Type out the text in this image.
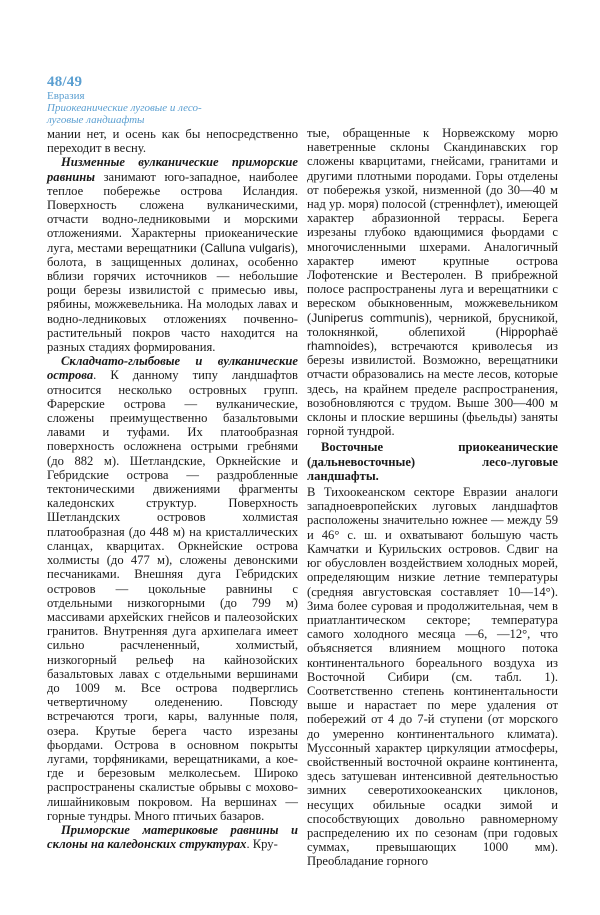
48/49
Евразия
Приокеанические луговые и лесо-
луговые ландшафты

мании нет, и осень как бы непосредственно переходит в весну.

Низменные вулканические приморские равнины занимают юго-западное, наиболее теплое побережье острова Исландия. Поверхность сложена вулканическими, отчасти водно-ледниковыми и морскими отложениями. Характерны приокеанические луга, местами верещатники (Calluna vulgaris), болота, в защищенных долинах, особенно вблизи горячих источников — небольшие рощи березы извилистой с примесью ивы, рябины, можжевельника. На молодых лавах и водно-ледниковых отложениях почвенно-растительный покров часто находится на разных стадиях формирования.

Складчато-глыбовые и вулканические острова. К данному типу ландшафтов относится несколько островных групп. Фарерские острова — вулканические, сложены преимущественно базальтовыми лавами и туфами. Их платообразная поверхность осложнена острыми гребнями (до 882 м). Шетландские, Оркнейские и Гебридские острова — раздробленные тектоническими движениями фрагменты каледонских структур. Поверхность Шетландских островов холмистая платообразная (до 448 м) на кристаллических сланцах, кварцитах. Оркнейские острова холмисты (до 477 м), сложены девонскими песчаниками. Внешняя дуга Гебридских островов — цокольные равнины с отдельными низкогорными (до 799 м) массивами архейских гнейсов и палеозойских гранитов. Внутренняя дуга архипелага имеет сильно расчлененный, холмистый, низкогорный рельеф на кайнозойских базальтовых лавах с отдельными вершинами до 1009 м. Все острова подверглись четвертичному оледенению. Повсюду встречаются троги, кары, валунные поля, озера. Крутые берега часто изрезаны фьордами. Острова в основном покрыты лугами, торфяниками, верещатниками, а кое-где и березовым мелколесьем. Широко распространены скалистые обрывы с мохово-лишайниковым покровом. На вершинах — горные тундры. Много птичьих базаров.

Приморские материковые равнины и склоны на каледонских структурах. Кру-

тые, обращенные к Норвежскому морю наветренные склоны Скандинавских гор сложены кварцитами, гнейсами, гранитами и другими плотными породами. Горы отделены от побережья узкой, низменной (до 30—40 м над ур. моря) полосой (стреннфлет), имеющей характер абразионной террасы. Берега изрезаны глубоко вдающимися фьордами с многочисленными шхерами. Аналогичный характер имеют крупные острова Лофотенские и Вестеролен. В прибрежной полосе распространены луга и верещатники с вереском обыкновенным, можжевельником (Juniperus communis), черникой, брусникой, толокнянкой, облепихой (Hippophaë rhamnoides), встречаются криволесья из березы извилистой. Возможно, верещатники отчасти образовались на месте лесов, которые здесь, на крайнем пределе распространения, возобновляются с трудом. Выше 300—400 м склоны и плоские вершины (фьельды) заняты горной тундрой.

Восточные приокеанические (дальневосточные) лесо-луговые ландшафты.

В Тихоокеанском секторе Евразии аналоги западноевропейских луговых ландшафтов расположены значительно южнее — между 59 и 46° с. ш. и охватывают большую часть Камчатки и Курильских островов. Сдвиг на юг обусловлен воздействием холодных морей, определяющим низкие летние температуры (средняя августовская составляет 10—14°). Зима более суровая и продолжительная, чем в приатлантическом секторе; температура самого холодного месяца —6, —12°, что объясняется влиянием мощного потока континентального бореального воздуха из Восточной Сибири (см. табл. 1). Соответственно степень континентальности выше и нарастает по мере удаления от побережий от 4 до 7-й ступени (от морского до умеренно континентального климата). Муссонный характер циркуляции атмосферы, свойственный восточной окраине континента, здесь затушеван интенсивной деятельностью зимних северотихоокеанских циклонов, несущих обильные осадки зимой и способствующих довольно равномерному распределению их по сезонам (при годовых суммах, превышающих 1000 мм). Преобладание горного
